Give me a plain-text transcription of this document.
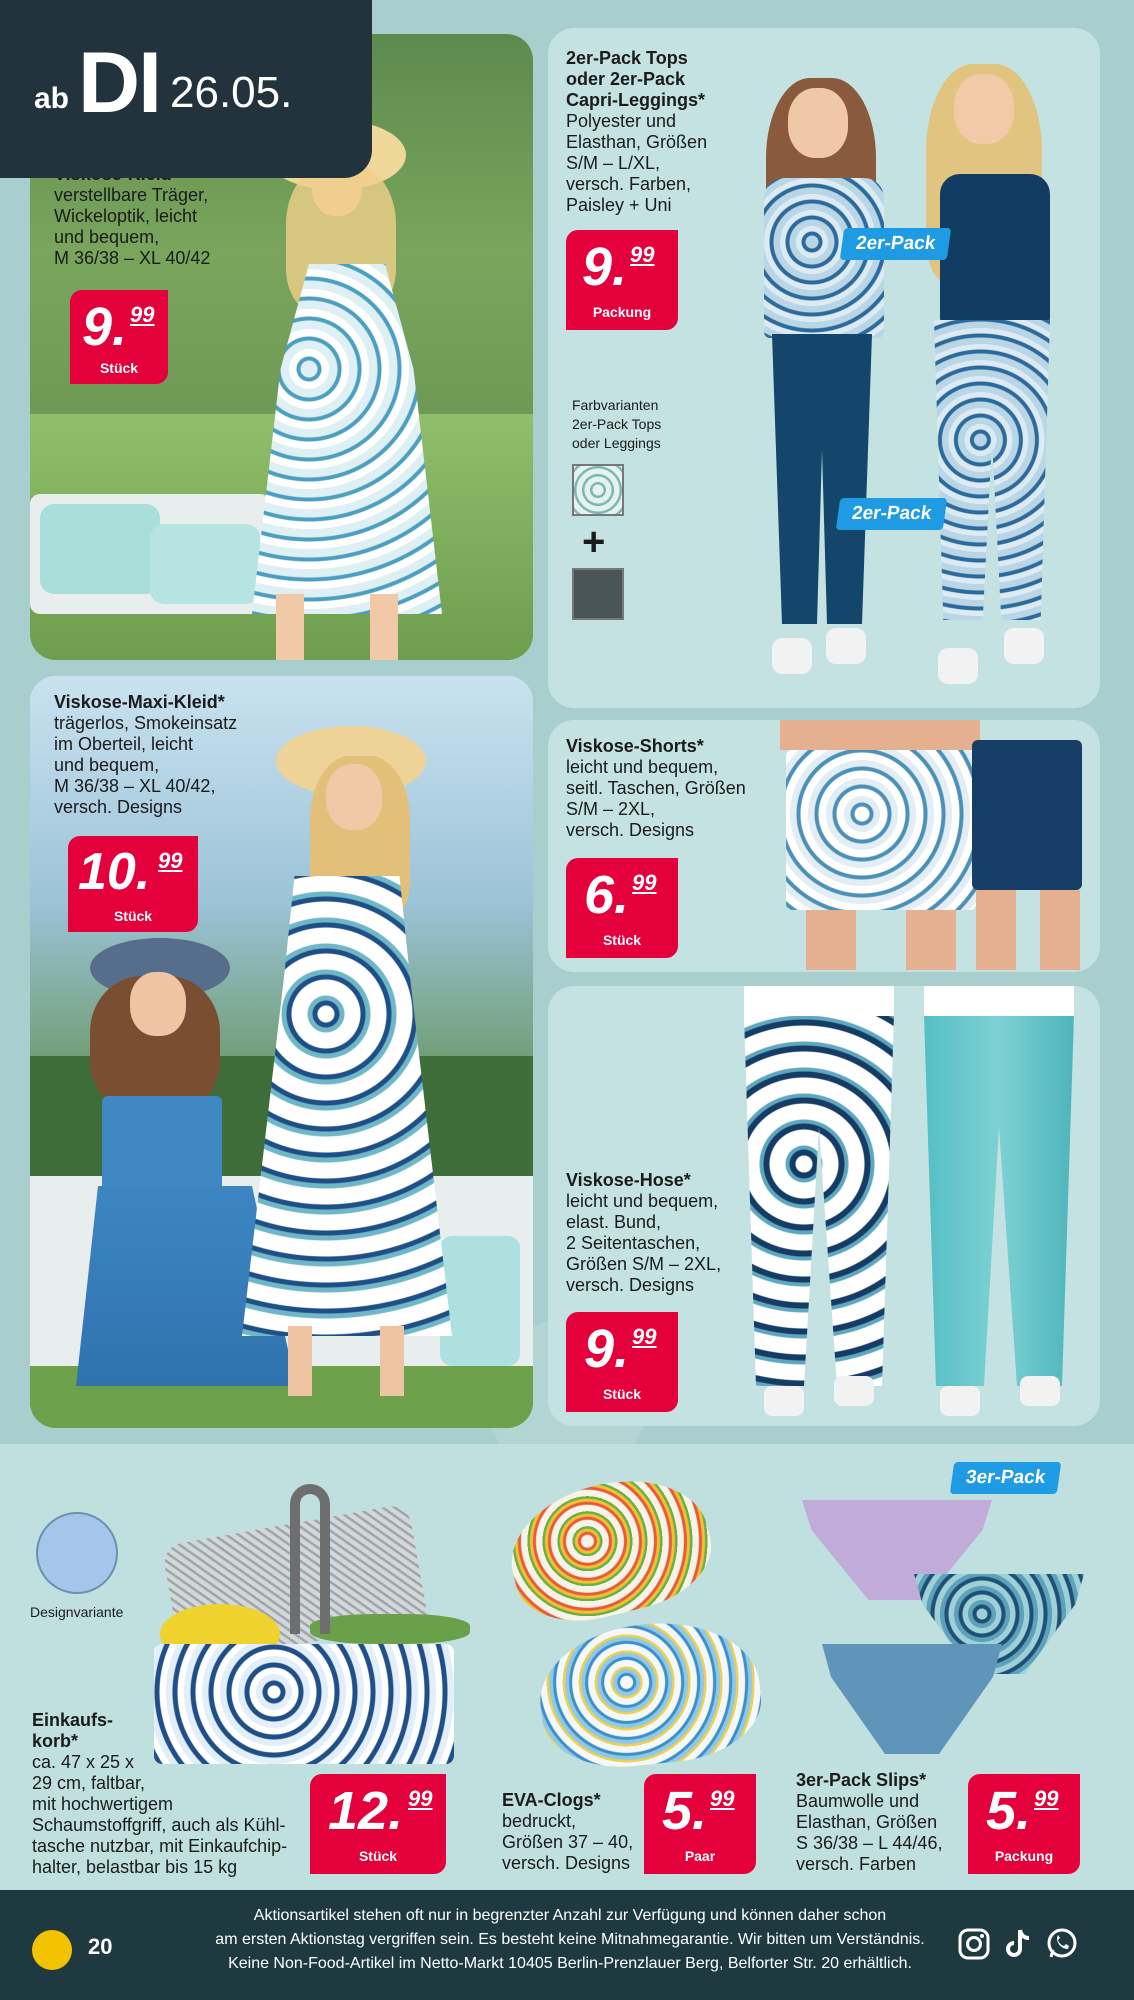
verstellbare Träger,
Wickeloptik, leicht
und bequem,
M 36/38 – XL 40/42
9. 99
Stück
ab DI 26.05.
2er-Pack Tops
oder 2er-Pack
Capri-Leggings*
Polyester und
Elasthan, Größen
S/M – L/XL,
versch. Farben,
Paisley + Uni
9. 99
Packung
Farbvarianten
2er-Pack Tops
oder Leggings
+
2er-Pack
2er-Pack
Viskose-Maxi-Kleid*
trägerlos, Smokeinsatz
im Oberteil, leicht
und bequem,
M 36/38 – XL 40/42,
versch. Designs
10. 99
Stück
Viskose-Shorts*
leicht und bequem,
seitl. Taschen, Größen
S/M – 2XL,
versch. Designs
6. 99
Stück
Viskose-Hose*
leicht und bequem,
elast. Bund,
2 Seitentaschen,
Größen S/M – 2XL,
versch. Designs
9. 99
Stück
Designvariante
Einkaufs-
korb*
ca. 47 x 25 x
29 cm, faltbar,
mit hochwertigem
Schaumstoffgriff, auch als Kühl-
tasche nutzbar, mit Einkaufchip-
halter, belastbar bis 15 kg
12. 99
Stück
EVA-Clogs*
bedruckt,
Größen 37 – 40,
versch. Designs
5. 99
Paar
3er-Pack
3er-Pack Slips*
Baumwolle und
Elasthan, Größen
S 36/38 – L 44/46,
versch. Farben
5. 99
Packung
20
Aktionsartikel stehen oft nur in begrenzter Anzahl zur Verfügung und können daher schon
am ersten Aktionstag vergriffen sein. Es besteht keine Mitnahmegarantie. Wir bitten um Verständnis.
Keine Non-Food-Artikel im Netto-Markt 10405 Berlin-Prenzlauer Berg, Belforter Str. 20 erhältlich.
